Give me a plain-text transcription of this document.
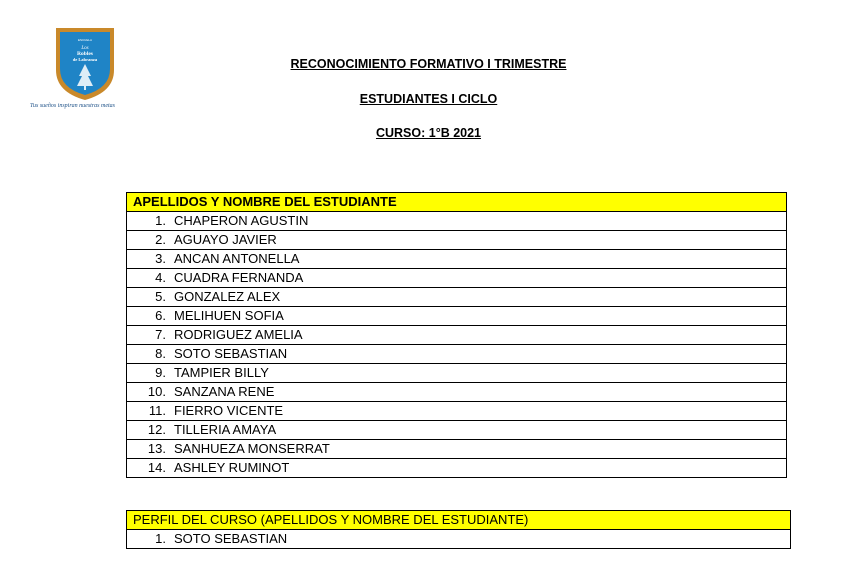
ESCUELA
Los
Robles
de Labranza
Tus sueños inspiran nuestras metas
RECONOCIMIENTO FORMATIVO I TRIMESTRE
ESTUDIANTES I CICLO
CURSO: 1°B 2021
APELLIDOS Y NOMBRE DEL ESTUDIANTE
1. CHAPERON AGUSTIN
2. AGUAYO JAVIER
3. ANCAN ANTONELLA
4. CUADRA FERNANDA
5. GONZALEZ ALEX
6. MELIHUEN SOFIA
7. RODRIGUEZ AMELIA
8. SOTO SEBASTIAN
9. TAMPIER BILLY
10. SANZANA RENE
11. FIERRO VICENTE
12. TILLERIA AMAYA
13. SANHUEZA MONSERRAT
14. ASHLEY RUMINOT
PERFIL DEL CURSO (APELLIDOS Y NOMBRE DEL ESTUDIANTE)
1. SOTO SEBASTIAN
